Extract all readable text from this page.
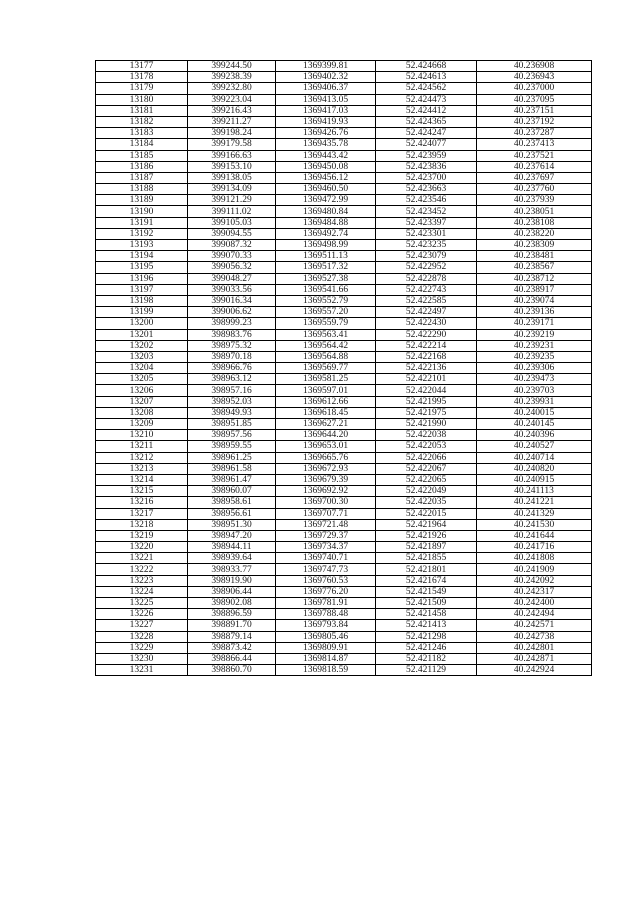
13177	399244.50	1369399.81	52.424668	40.236908
13178	399238.39	1369402.32	52.424613	40.236943
13179	399232.80	1369406.37	52.424562	40.237000
13180	399223.04	1369413.05	52.424473	40.237095
13181	399216.43	1369417.03	52.424412	40.237151
13182	399211.27	1369419.93	52.424365	40.237192
13183	399198.24	1369426.76	52.424247	40.237287
13184	399179.58	1369435.78	52.424077	40.237413
13185	399166.63	1369443.42	52.423959	40.237521
13186	399153.10	1369450.08	52.423836	40.237614
13187	399138.05	1369456.12	52.423700	40.237697
13188	399134.09	1369460.50	52.423663	40.237760
13189	399121.29	1369472.99	52.423546	40.237939
13190	399111.02	1369480.84	52.423452	40.238051
13191	399105.03	1369484.88	52.423397	40.238108
13192	399094.55	1369492.74	52.423301	40.238220
13193	399087.32	1369498.99	52.423235	40.238309
13194	399070.33	1369511.13	52.423079	40.238481
13195	399056.32	1369517.32	52.422952	40.238567
13196	399048.27	1369527.38	52.422878	40.238712
13197	399033.56	1369541.66	52.422743	40.238917
13198	399016.34	1369552.79	52.422585	40.239074
13199	399006.62	1369557.20	52.422497	40.239136
13200	398999.23	1369559.79	52.422430	40.239171
13201	398983.76	1369563.41	52.422290	40.239219
13202	398975.32	1369564.42	52.422214	40.239231
13203	398970.18	1369564.88	52.422168	40.239235
13204	398966.76	1369569.77	52.422136	40.239306
13205	398963.12	1369581.25	52.422101	40.239473
13206	398957.16	1369597.01	52.422044	40.239703
13207	398952.03	1369612.66	52.421995	40.239931
13208	398949.93	1369618.45	52.421975	40.240015
13209	398951.85	1369627.21	52.421990	40.240145
13210	398957.56	1369644.20	52.422038	40.240396
13211	398959.55	1369653.01	52.422053	40.240527
13212	398961.25	1369665.76	52.422066	40.240714
13213	398961.58	1369672.93	52.422067	40.240820
13214	398961.47	1369679.39	52.422065	40.240915
13215	398960.07	1369692.92	52.422049	40.241113
13216	398958.61	1369700.30	52.422035	40.241221
13217	398956.61	1369707.71	52.422015	40.241329
13218	398951.30	1369721.48	52.421964	40.241530
13219	398947.20	1369729.37	52.421926	40.241644
13220	398944.11	1369734.37	52.421897	40.241716
13221	398939.64	1369740.71	52.421855	40.241808
13222	398933.77	1369747.73	52.421801	40.241909
13223	398919.90	1369760.53	52.421674	40.242092
13224	398906.44	1369776.20	52.421549	40.242317
13225	398902.08	1369781.91	52.421509	40.242400
13226	398896.59	1369788.48	52.421458	40.242494
13227	398891.70	1369793.84	52.421413	40.242571
13228	398879.14	1369805.46	52.421298	40.242738
13229	398873.42	1369809.91	52.421246	40.242801
13230	398866.44	1369814.87	52.421182	40.242871
13231	398860.70	1369818.59	52.421129	40.242924
